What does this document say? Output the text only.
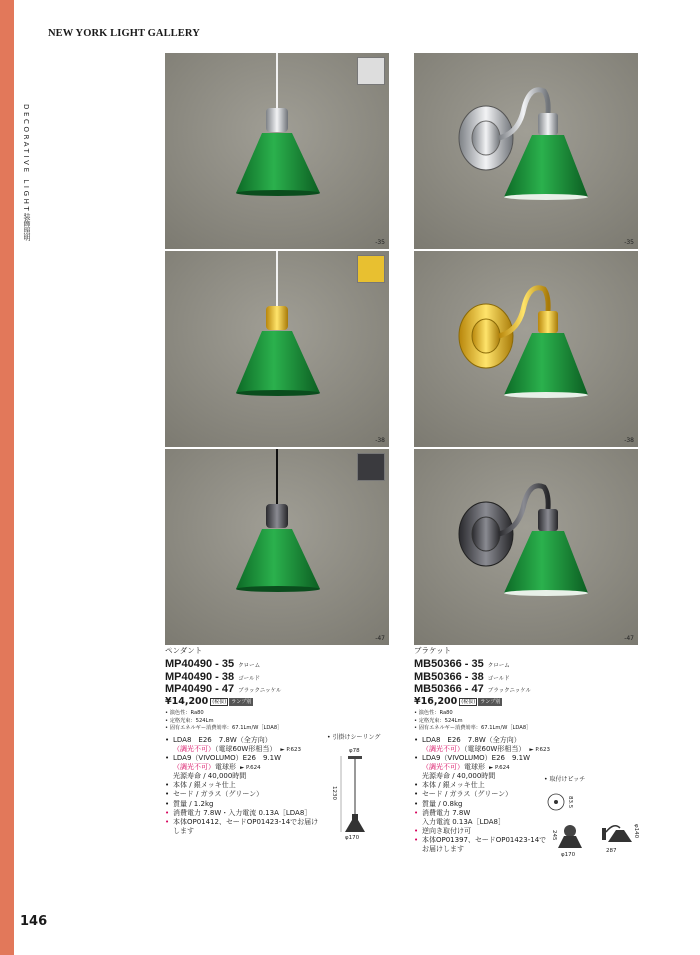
NEW YORK LIGHT GALLERY
DECORATIVE LIGHT
装飾照明
146
-35
-38
-47
-35
-38
-47
ペンダント
MP40490 - 35 クローム
MP40490 - 38 ゴールド
MP40490 - 47 ブラックニッケル
¥14,200 (税抜) ランプ別
• 演色性：Ra80
• 定格光束：524Lm
• 固有エネルギー消費効率：67.1Lm/W［LDA8］
• LDA8　E26　7.8W（全方向）
（調光不可）（電球60W形相当） ► P.623
• LDA9（VIVOLUMO）E26　9.1W
（調光不可）電球形 ► P.624
光源寿命 / 40,000時間
• 本体 / 銀メッキ仕上
• セード / ガラス（グリーン）
• 質量 / 1.2kg
• 消費電力 7.8W・入力電流 0.13A［LDA8］
• 本体OP01412、セードOP01423-14でお届けします
• 引掛けシーリング
φ78
1230
φ170
ブラケット
MB50366 - 35 クローム
MB50366 - 38 ゴールド
MB50366 - 47 ブラックニッケル
¥16,200 (税抜) ランプ別
• 演色性：Ra80
• 定格光束：524Lm
• 固有エネルギー消費効率：67.1Lm/W［LDA8］
• LDA8　E26　7.8W（全方向）
（調光不可）（電球60W形相当） ► P.623
• LDA9（VIVOLUMO）E26　9.1W
（調光不可）電球形 ► P.624
光源寿命 / 40,000時間
• 本体 / 銀メッキ仕上
• セード / ガラス（グリーン）
• 質量 / 0.8kg
• 消費電力 7.8W
入力電流 0.13A［LDA8］
• 逆向き取付け可
• 本体OP01397、セードOP01423-14で
お届けします
• 取付けピッチ
83.5
245
φ170
287
φ140
